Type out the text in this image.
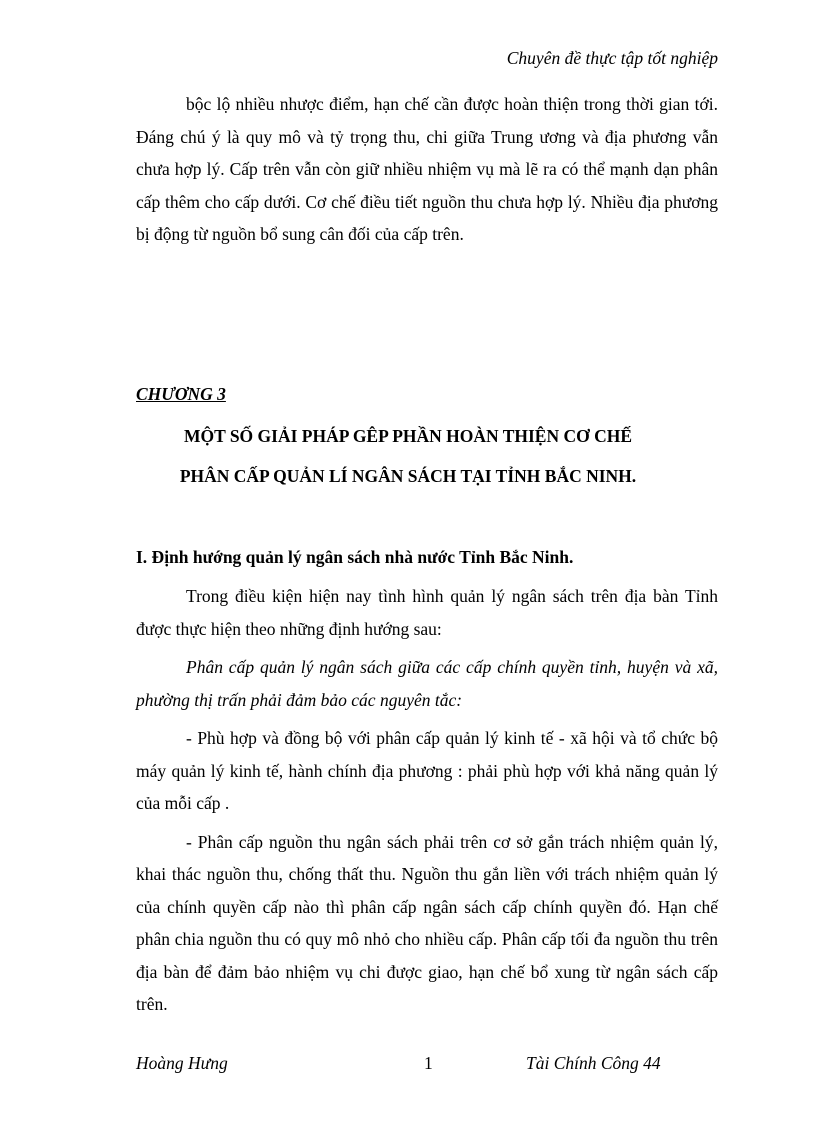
Chuyên đề thực tập tốt nghiệp

bộc lộ nhiều nhược điểm, hạn chế cần được hoàn thiện trong thời gian tới. Đáng chú ý là quy mô và tỷ trọng thu, chi giữa Trung ương và địa phương vẫn chưa hợp lý. Cấp trên vẫn còn giữ nhiều nhiệm vụ mà lẽ ra có thể mạnh dạn phân cấp thêm cho cấp dưới. Cơ chế điều tiết nguồn thu chưa hợp lý. Nhiều địa phương bị động từ nguồn bổ sung cân đối của cấp trên.

CHƯƠNG 3
MỘT SỐ GIẢI PHÁP GÊP PHẦN HOÀN THIỆN CƠ CHẾ
PHÂN CẤP QUẢN LÍ NGÂN SÁCH TẠI TỈNH BẮC NINH.
I. Định hướng quản lý ngân sách nhà nước Tỉnh Bắc Ninh.

Trong điều kiện hiện nay tình hình quản lý ngân sách trên địa bàn Tỉnh được thực hiện theo những định hướng sau:

Phân cấp quản lý ngân sách giữa các cấp chính quyền tỉnh, huyện và xã, phường thị trấn phải đảm bảo các nguyên tắc:

- Phù hợp và đồng bộ với phân cấp quản lý kinh tế - xã hội và tổ chức bộ máy quản lý kinh tế, hành chính địa phương : phải phù hợp với khả năng quản lý của mỗi cấp .

- Phân cấp nguồn thu ngân sách phải trên cơ sở gắn trách nhiệm quản lý, khai thác nguồn thu, chống thất thu. Nguồn thu gắn liền với trách nhiệm quản lý của chính quyền cấp nào thì phân cấp ngân sách cấp chính quyền đó. Hạn chế phân chia nguồn thu có quy mô nhỏ cho nhiều cấp. Phân cấp tối đa nguồn thu trên địa bàn để đảm bảo nhiệm vụ chi được giao, hạn chế bổ xung từ ngân sách cấp trên.

Hoàng Hưng	1	Tài Chính Công 44
